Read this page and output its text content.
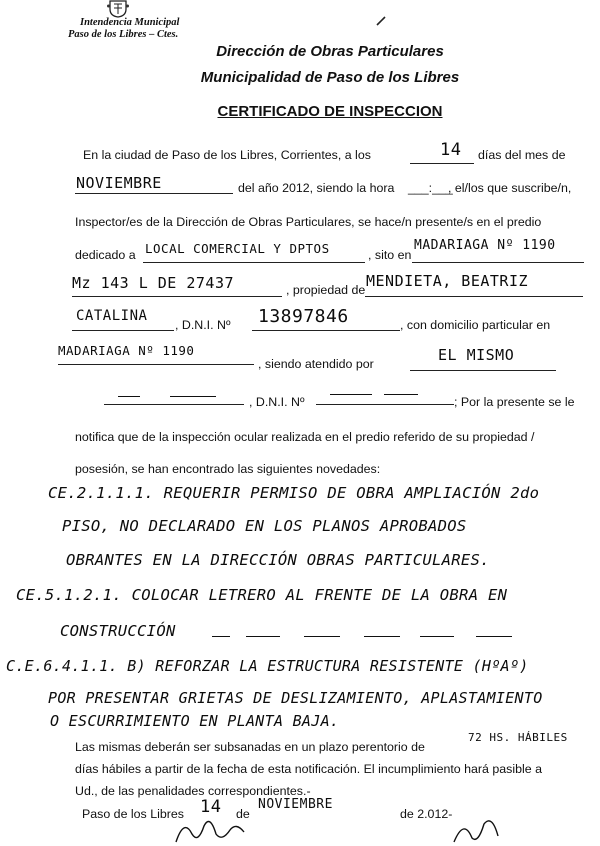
Intendencia Municipal
Paso de los Libres – Ctes.
Dirección de Obras Particulares
Municipalidad de Paso de los Libres
CERTIFICADO DE INSPECCION
En la ciudad de Paso de los Libres, Corrientes, a los	14 días del mes de
NOVIEMBRE	del año 2012, siendo la hora ___:___
, el/los que suscribe/n,
Inspector/es de la Dirección de Obras Particulares, se hace/n presente/s en el predio
dedicado a LOCAL COMERCIAL Y DPTOS	, sito en
MADARIAGA Nº 1190
Mz 143 L DE 27437	, propiedad de MENDIETA, BEATRIZ
CATALINA
, D.N.I. Nº 13897846	, con domicilio particular en
MADARIAGA Nº 1190
, siendo atendido por	EL MISMO
, D.N.I. Nº	; Por la presente se le
notifica que de la inspección ocular realizada en el predio referido de su propiedad /
posesión, se han encontrado las siguientes novedades:
CE.2.1.1.1. REQUERIR PERMISO DE OBRA AMPLIACIÓN 2do
PISO, NO DECLARADO EN LOS PLANOS APROBADOS
OBRANTES EN LA DIRECCIÓN OBRAS PARTICULARES.
CE.5.1.2.1. COLOCAR LETRERO AL FRENTE DE LA OBRA EN
CONSTRUCCIÓN
C.E.6.4.1.1. B) REFORZAR LA ESTRUCTURA RESISTENTE (HºAº)
POR PRESENTAR GRIETAS DE DESLIZAMIENTO, APLASTAMIENTO
O ESCURRIMIENTO EN PLANTA BAJA.
Las mismas deberán ser subsanadas en un plazo perentorio de
72 HS. HÁBILES
días hábiles a partir de la fecha de esta notificación. El incumplimiento hará pasible a
Ud., de las penalidades correspondientes.-
Paso de los Libres 14 de
NOVIEMBRE
de 2.012-
